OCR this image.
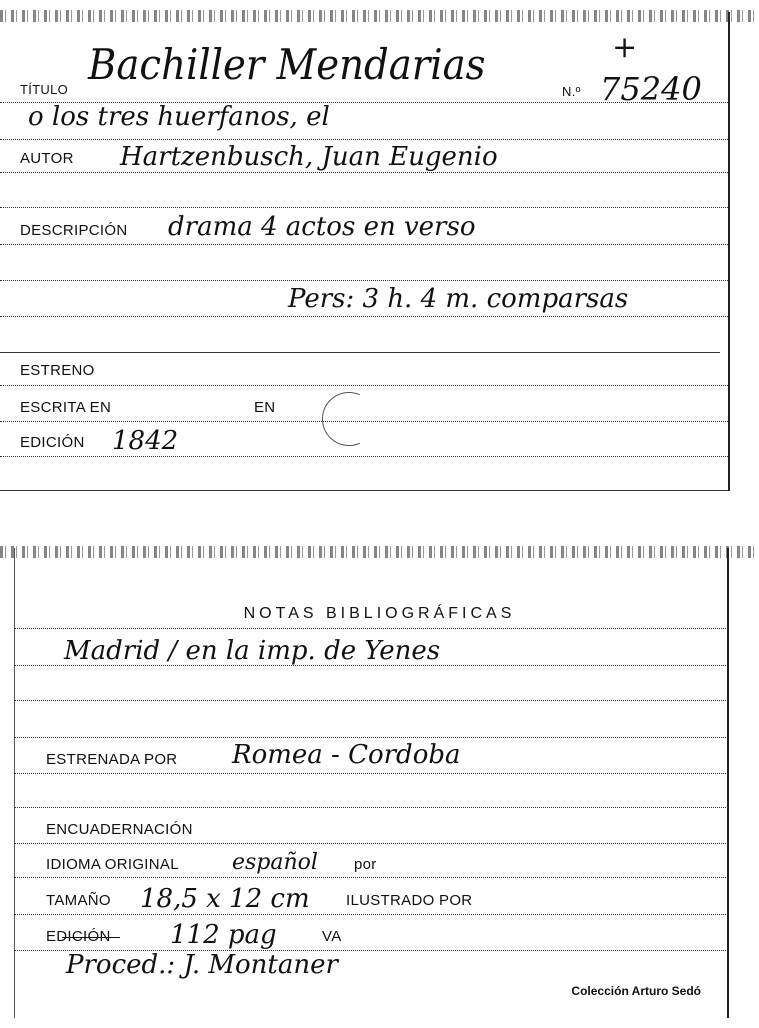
TÍTULO
Bachiller Mendarias
N.º 75240
+
o los tres huerfanos, el
AUTOR Hartzenbusch, Juan Eugenio
DESCRIPCIÓN drama 4 actos en verso
Pers: 3 h. 4 m. comparsas
ESTRENO
ESCRITA EN	EN
EDICIÓN 1842
NOTAS BIBLIOGRÁFICAS
Madrid / en la imp. de Yenes
ESTRENADA POR Romea - Cordoba
ENCUADERNACIÓN
IDIOMA ORIGINAL español por
TAMAÑO 18,5 x 12 cm ILUSTRADO POR
EDICIÓN 112 pag	VA
Proced.: J. Montaner
Colección Arturo Sedó
